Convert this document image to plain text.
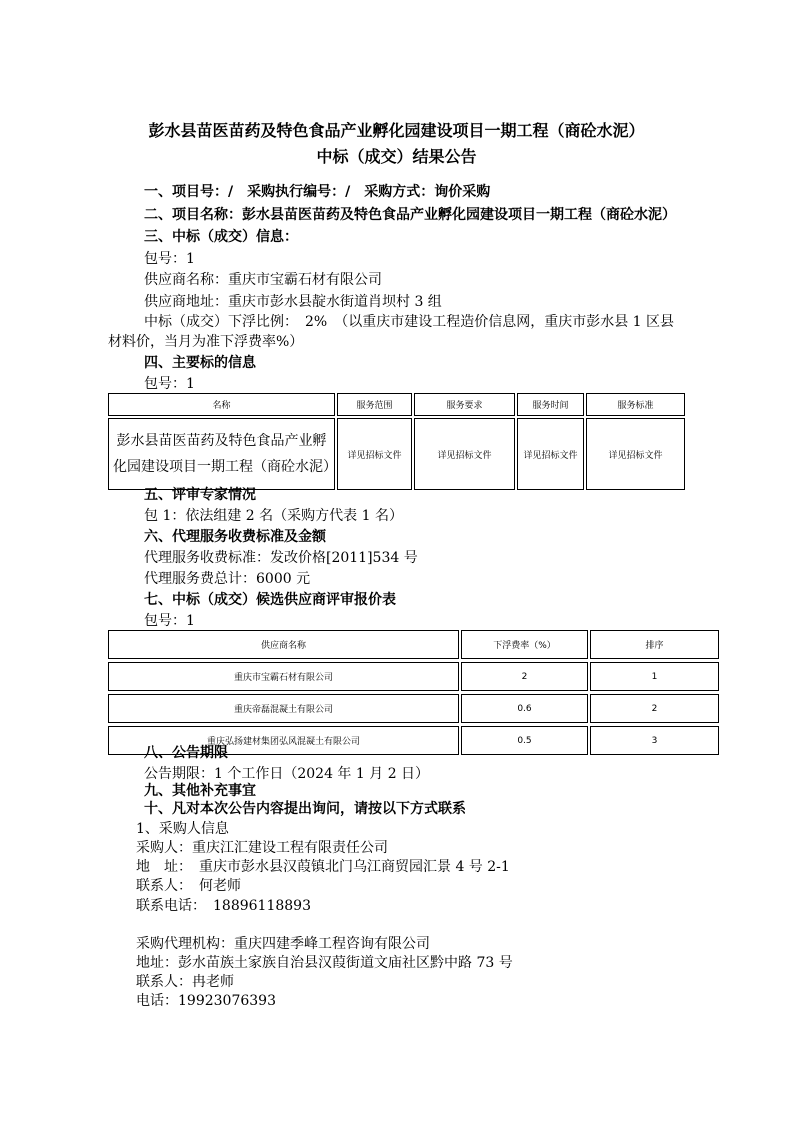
彭水县苗医苗药及特色食品产业孵化园建设项目一期工程（商砼水泥）
中标（成交）结果公告
一、项目号：/　采购执行编号：/　采购方式：询价采购
二、项目名称：彭水县苗医苗药及特色食品产业孵化园建设项目一期工程（商砼水泥）
三、中标（成交）信息：
包号：1
供应商名称：重庆市宝霸石材有限公司
供应商地址：重庆市彭水县靛水街道肖坝村 3 组
中标（成交）下浮比例：　2%　（以重庆市建设工程造价信息网，重庆市彭水县 1 区县
材料价，当月为准下浮费率%）
四、主要标的信息
包号：1
名称		服务范围		服务要求		服务时间		服务标准

彭水县苗医苗药及特色食品产业孵化园建设项目一期工程（商砼水泥）		详见招标文件		详见招标文件		详见招标文件		详见招标文件
五、评审专家情况
包 1：依法组建 2 名（采购方代表 1 名）
六、代理服务收费标准及金额
代理服务收费标准：发改价格[2011]534 号
代理服务费总计：6000 元
七、中标（成交）候选供应商评审报价表
包号：1
供应商名称		下浮费率（%）		排序

重庆市宝霸石材有限公司		2		1

重庆帝磊混凝土有限公司		0.6		2

重庆弘扬建材集团弘风混凝土有限公司		0.5		3
八、公告期限
公告期限：1 个工作日（2024 年 1 月 2 日）
九、其他补充事宜
十、凡对本次公告内容提出询问，请按以下方式联系
1、采购人信息
采购人：重庆江汇建设工程有限责任公司
地　址：　重庆市彭水县汉葭镇北门乌江商贸园汇景 4 号 2-1
联系人：　何老师
联系电话：　18896118893
采购代理机构：重庆四建季峰工程咨询有限公司
地址：彭水苗族土家族自治县汉葭街道文庙社区黔中路 73 号
联系人：冉老师
电话：19923076393
